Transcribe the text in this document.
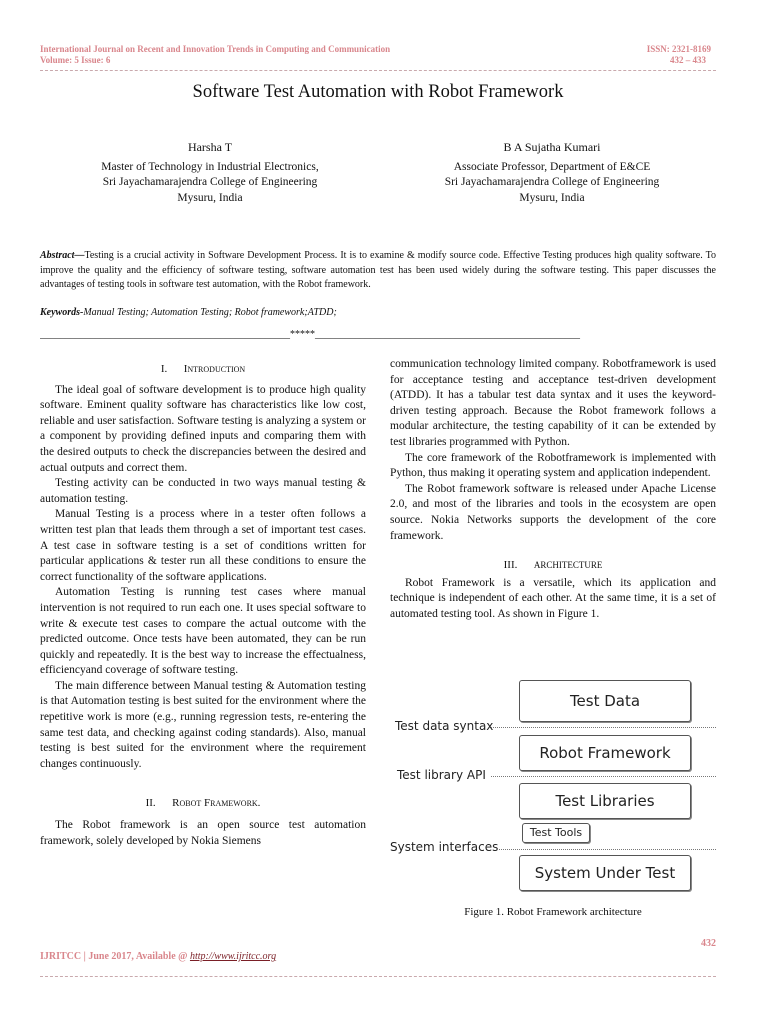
International Journal on Recent and Innovation Trends in Computing and Communication
Volume: 5 Issue: 6
ISSN: 2321-8169
432 – 433
Software Test Automation with Robot Framework
Harsha T
Master of Technology in Industrial Electronics,
Sri Jayachamarajendra College of Engineering
Mysuru, India
B A Sujatha Kumari
Associate Professor, Department of E&CE
Sri Jayachamarajendra College of Engineering
Mysuru, India
Abstract—Testing is a crucial activity in Software Development Process. It is to examine & modify source code. Effective Testing produces high quality software. To improve the quality and the efficiency of software testing, software automation test has been used widely during the software testing. This paper discusses the advantages of testing tools in software test automation, with the Robot framework.
Keywords-Manual Testing; Automation Testing; Robot framework;ATDD;
__________________________________________________*****_____________________________________________________
I. Introduction

The ideal goal of software development is to produce high quality software. Eminent quality software has characteristics like low cost, reliable and user satisfaction. Software testing is analyzing a system or a component by providing defined inputs and comparing them with the desired outputs to check the discrepancies between the desired and actual outputs and correct them.

Testing activity can be conducted in two ways manual testing & automation testing.

Manual Testing is a process where in a tester often follows a written test plan that leads them through a set of important test cases. A test case in software testing is a set of conditions written for particular applications & tester run all these conditions to ensure the correct functionality of the software applications.

Automation Testing is running test cases where manual intervention is not required to run each one. It uses special software to write & execute test cases to compare the actual outcome with the predicted outcome. Once tests have been automated, they can be run quickly and repeatedly. It is the best way to increase the effectualness, efficiencyand coverage of software testing.

The main difference between Manual testing & Automation testing is that Automation testing is best suited for the environment where the repetitive work is more (e.g., running regression tests, re-entering the same test data, and checking against coding standards). Also, manual testing is best suited for the environment where the requirement changes continuously.

II. Robot Framework.

The Robot framework is an open source test automation framework, solely developed by Nokia Siemens

communication technology limited company. Robotframework is used for acceptance testing and acceptance test-driven development (ATDD). It has a tabular test data syntax and it uses the keyword-driven testing approach. Because the Robot framework follows a modular architecture, the testing capability of it can be extended by test libraries programmed with Python.

The core framework of the Robotframework is implemented with Python, thus making it operating system and application independent.

The Robot framework software is released under Apache License 2.0, and most of the libraries and tools in the ecosystem are open source. Nokia Networks supports the development of the core framework.

III. ARCHITECTURE

Robot Framework is a versatile, which its application and technique is independent of each other. At the same time, it is a set of automated testing tool. As shown in Figure 1.

Test Data
Test data syntax
Robot Framework
Test library API
Test Libraries
Test Tools
System interfaces
System Under Test
Figure 1. Robot Framework architecture
432
IJRITCC | June 2017, Available @ http://www.ijritcc.org
